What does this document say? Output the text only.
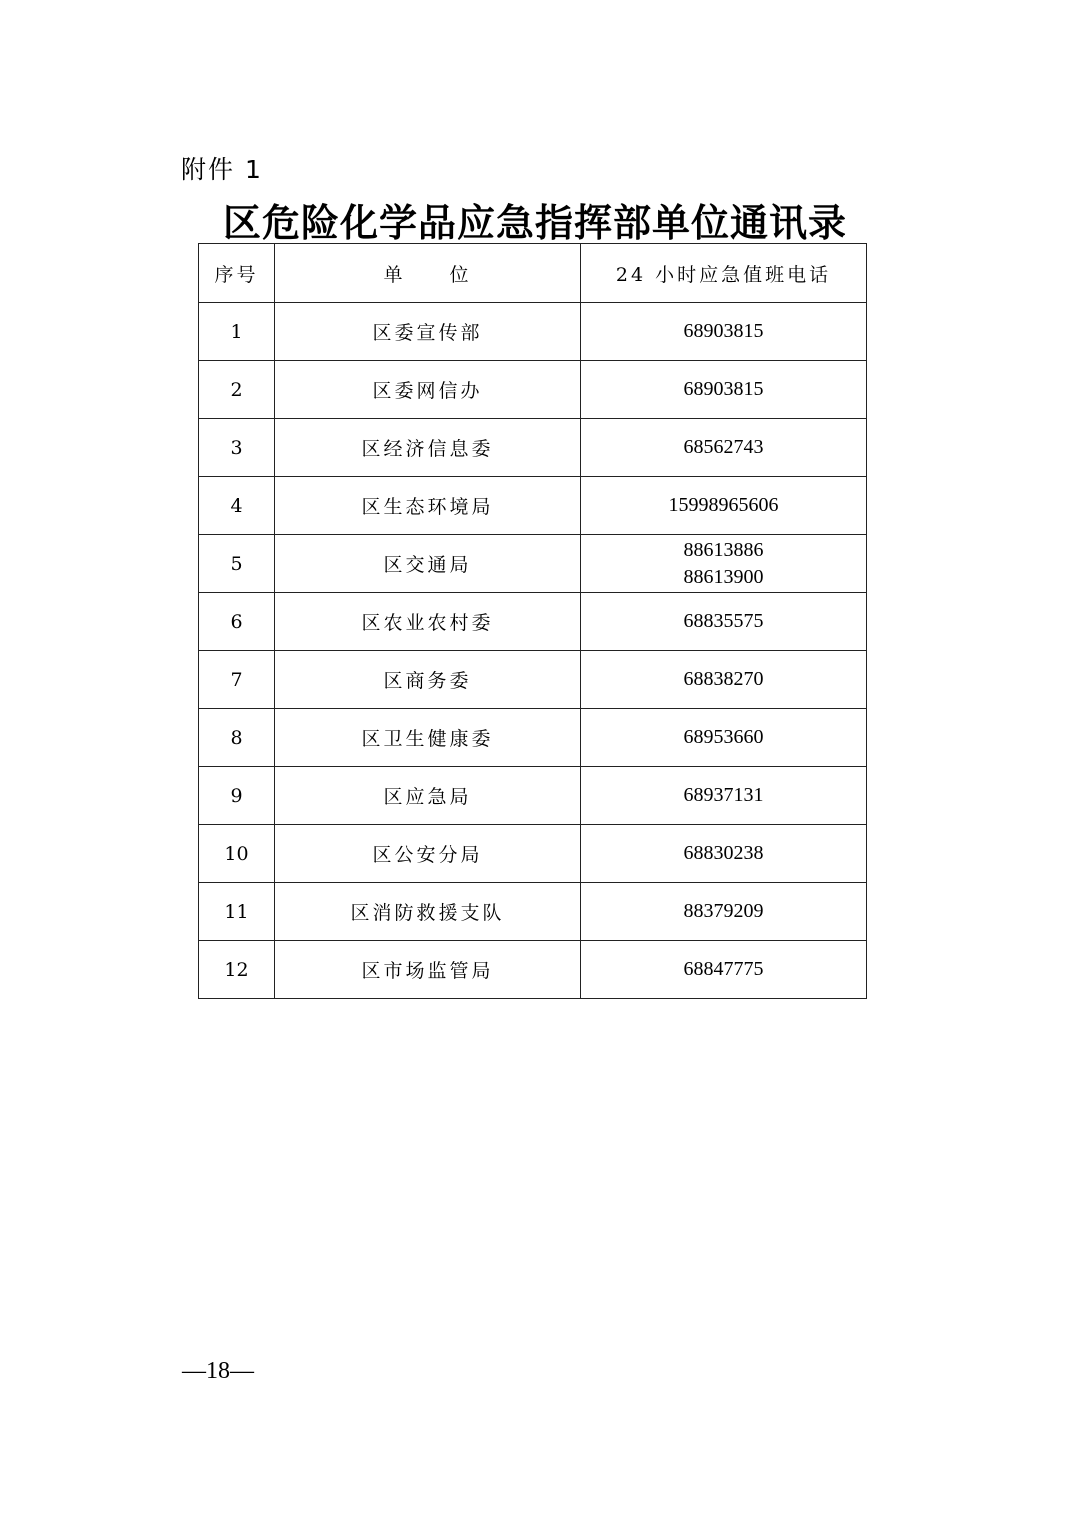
附件 1
区危险化学品应急指挥部单位通讯录
序号	单　　位	24 小时应急值班电话
1	区委宣传部	68903815

2	区委网信办	68903815

3	区经济信息委	68562743

4	区生态环境局	15998965606

5	区交通局	88613886
88613900

6	区农业农村委	68835575

7	区商务委	68838270

8	区卫生健康委	68953660

9	区应急局	68937131

10	区公安分局	68830238

11	区消防救援支队	88379209

12	区市场监管局	68847775
—18—
